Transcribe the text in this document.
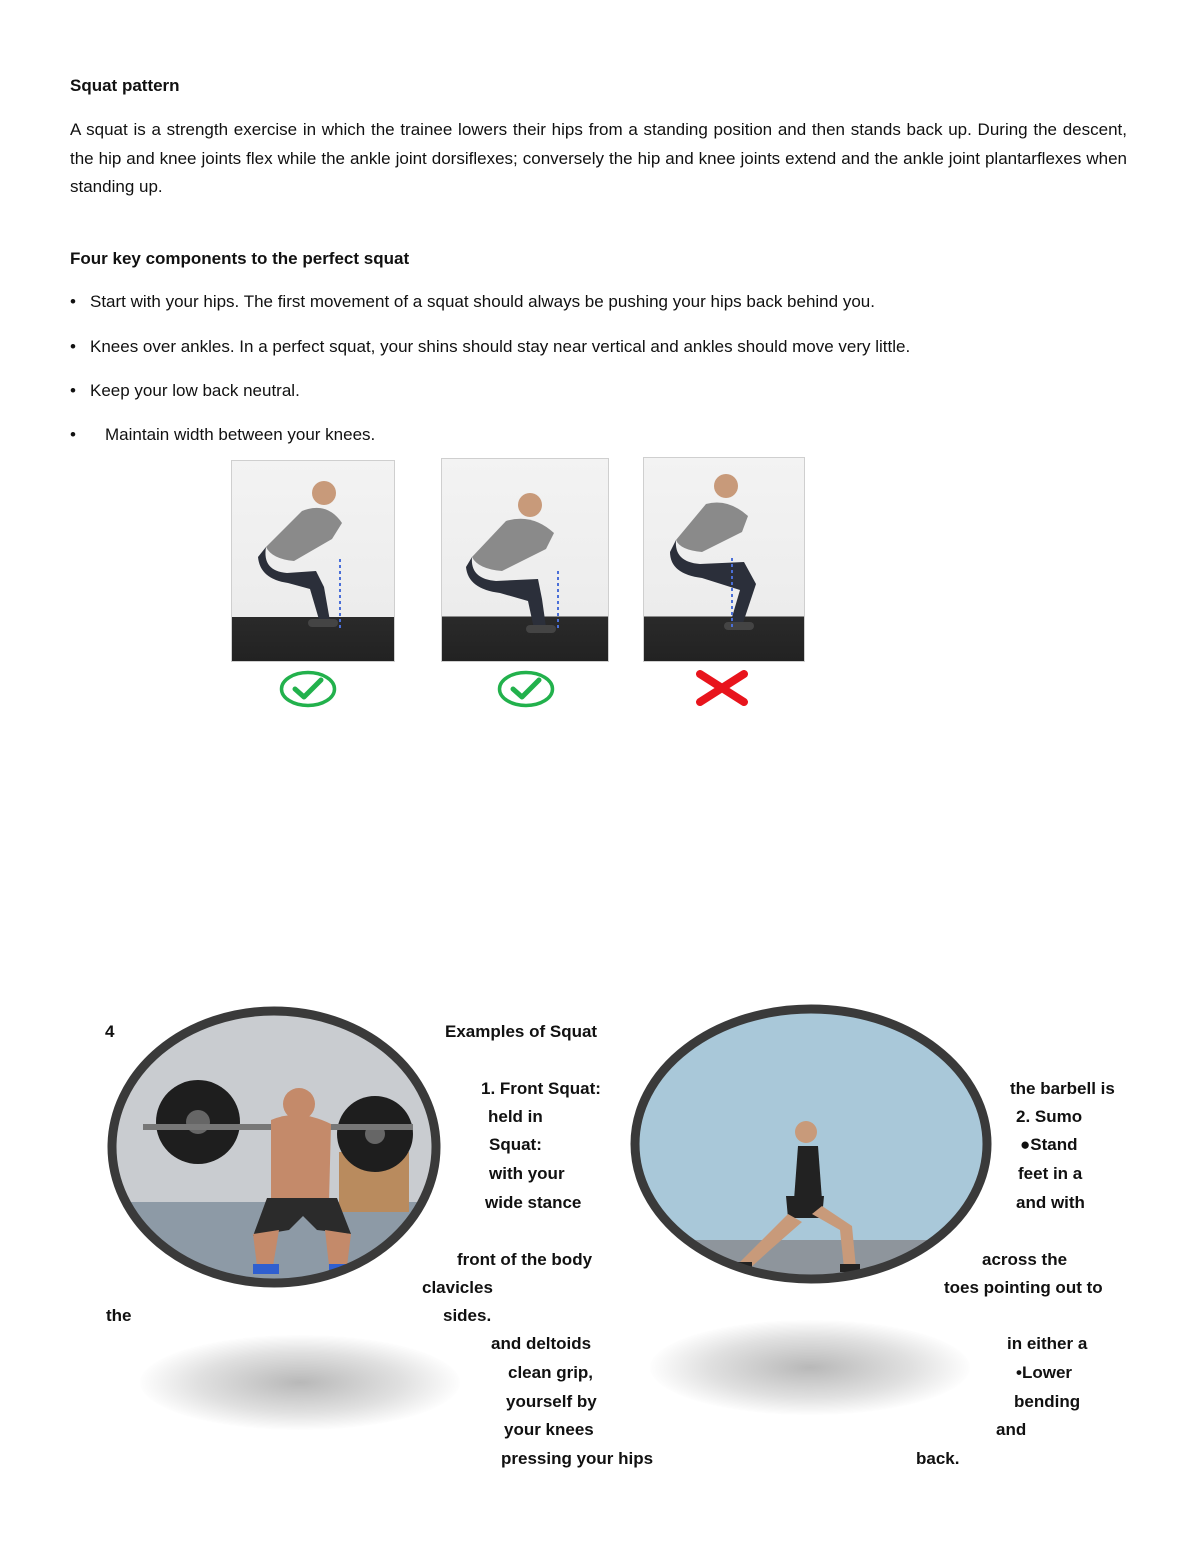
Squat pattern
A squat is a strength exercise in which the trainee lowers their hips from a standing position and then stands back up. During the descent, the hip and knee joints flex while the ankle joint dorsiflexes; conversely the hip and knee joints extend and the ankle joint plantarflexes when standing up.
Four key components to the perfect squat
• Start with your hips. The first movement of a squat should always be pushing your hips back behind you.
• Knees over ankles. In a perfect squat, your shins should stay near vertical and ankles should move very little.
• Keep your low back neutral.
• Maintain width between your knees.
4	Examples of Squat
1. Front Squat:
held in
Squat:
with your
wide stance
front of the body
clavicles
the	sides.
and deltoids
clean grip,
yourself by
your knees
pressing your hips
the barbell is
2. Sumo
●Stand
feet in a
and with
across the
toes pointing out to
in either a
•Lower
bending
and
back.
